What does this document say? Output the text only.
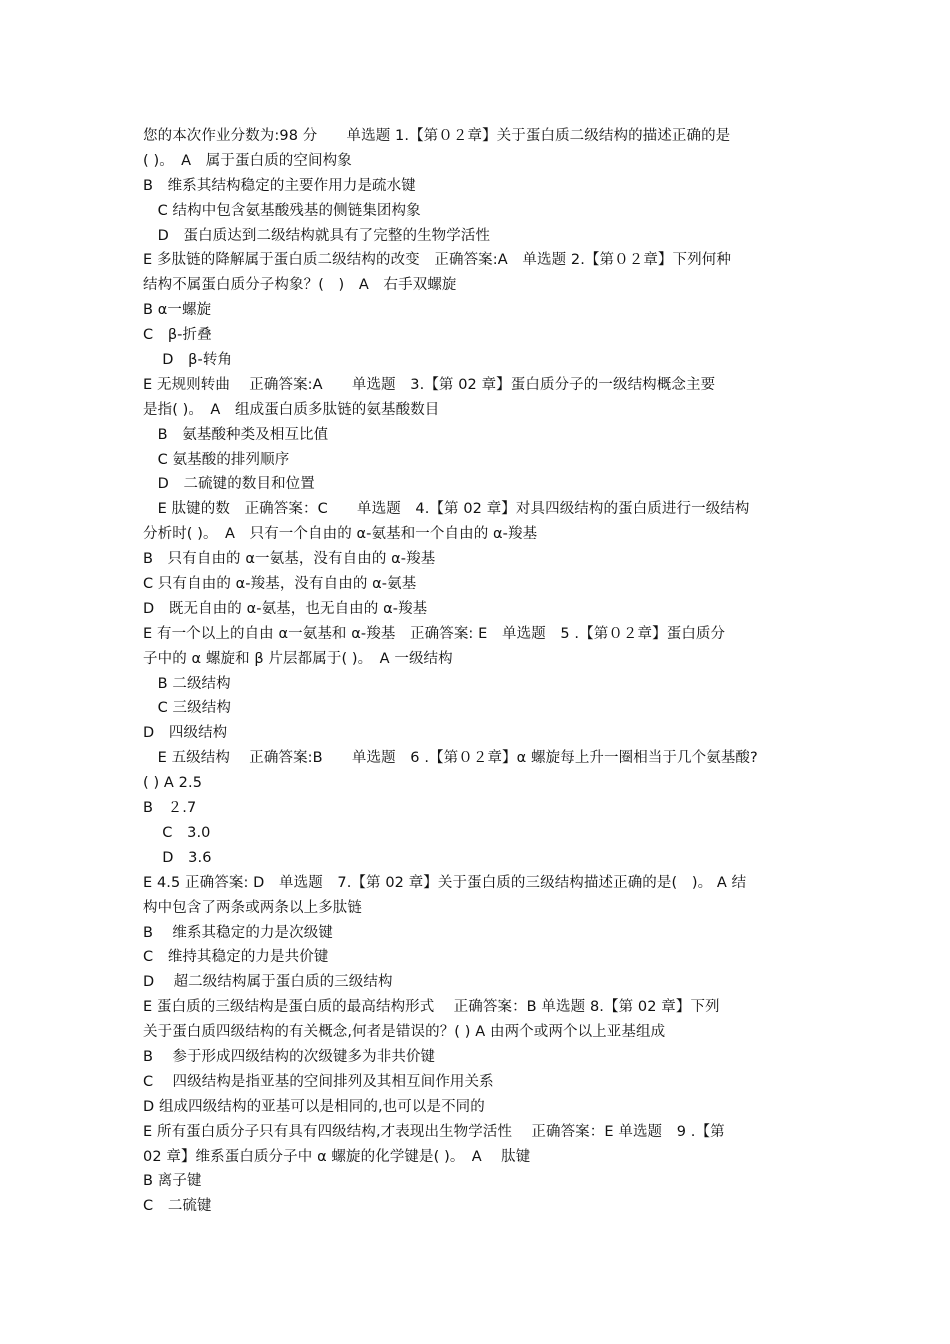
您的本次作业分数为:98 分　　单选题 1.【第０２章】关于蛋白质二级结构的描述正确的是
( )。　A　属于蛋白质的空间构象
B　维系其结构稳定的主要作用力是疏水键
　C 结构中包含氨基酸残基的侧链集团构象
　D　蛋白质达到二级结构就具有了完整的生物学活性
E 多肽链的降解属于蛋白质二级结构的改变　正确答案:A　单选题 2.【第０２章】下列何种
结构不属蛋白质分子构象？(　)　A　右手双螺旋
B α一螺旋
C　β-折叠
　 D　β-转角
E 无规则转曲　 正确答案:A　　单选题　3.【第 02 章】蛋白质分子的一级结构概念主要
是指( )。　A　组成蛋白质多肽链的氨基酸数目
　B　氨基酸种类及相互比值
　C 氨基酸的排列顺序
　D　二硫键的数目和位置
　E 肽键的数　正确答案：C　　单选题　4.【第 02 章】对具四级结构的蛋白质进行一级结构
分析时( )。　A　只有一个自由的 α-氨基和一个自由的 α-羧基
B　只有自由的 α一氨基，没有自由的 α-羧基
C 只有自由的 α-羧基，没有自由的 α-氨基
D　既无自由的 α-氨基，也无自由的 α-羧基
E 有一个以上的自由 α一氨基和 α-羧基　正确答案: E　单选题　5 .【第０２章】蛋白质分
子中的 α 螺旋和 β 片层都属于( )。　A 一级结构
　B 二级结构
　C 三级结构
D　四级结构
　E 五级结构　 正确答案:B　　单选题　6 .【第０２章】α 螺旋每上升一圈相当于几个氨基酸?
( ) A 2.5
B　２.7
　 C　3.0
　 D　3.6
E 4.5 正确答案: D　单选题　7.【第 02 章】关于蛋白质的三级结构描述正确的是(　)。 A 结
构中包含了两条或两条以上多肽链
B　 维系其稳定的力是次级键
C　维持其稳定的力是共价键
D　 超二级结构属于蛋白质的三级结构
E 蛋白质的三级结构是蛋白质的最高结构形式　 正确答案：B 单选题 8.【第 02 章】下列
关于蛋白质四级结构的有关概念,何者是错误的？( ) A 由两个或两个以上亚基组成
B　 参于形成四级结构的次级键多为非共价键
C　 四级结构是指亚基的空间排列及其相互间作用关系
D 组成四级结构的亚基可以是相同的,也可以是不同的
E 所有蛋白质分子只有具有四级结构,才表现出生物学活性　 正确答案：E 单选题　9 .【第
02 章】维系蛋白质分子中 α 螺旋的化学键是( )。　A　 肽键
B 离子键
C　二硫键
